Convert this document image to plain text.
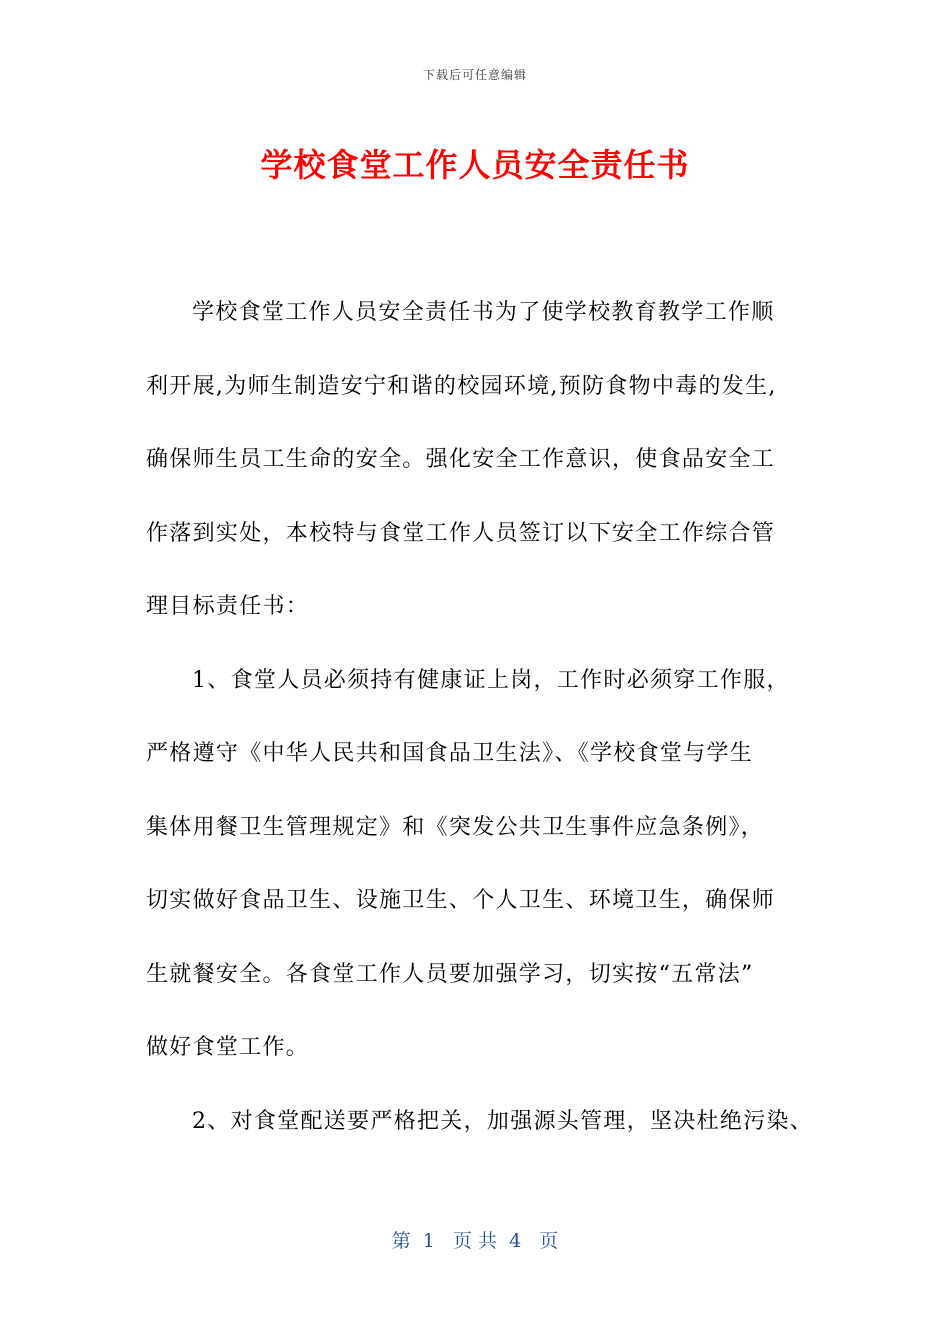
下载后可任意编辑
学校食堂工作人员安全责任书
学校食堂工作人员安全责任书为了使学校教育教学工作顺
利开展,为师生制造安宁和谐的校园环境,预防食物中毒的发生,
确保师生员工生命的安全。强化安全工作意识，使食品安全工
作落到实处，本校特与食堂工作人员签订以下安全工作综合管
理目标责任书：
1、食堂人员必须持有健康证上岗，工作时必须穿工作服，
严格遵守《中华人民共和国食品卫生法》、《学校食堂与学生
集体用餐卫生管理规定》和《突发公共卫生事件应急条例》，
切实做好食品卫生、设施卫生、个人卫生、环境卫生，确保师
生就餐安全。各食堂工作人员要加强学习，切实按“五常法”
做好食堂工作。
2、对食堂配送要严格把关，加强源头管理，坚决杜绝污染、
第  1   页 共  4   页
